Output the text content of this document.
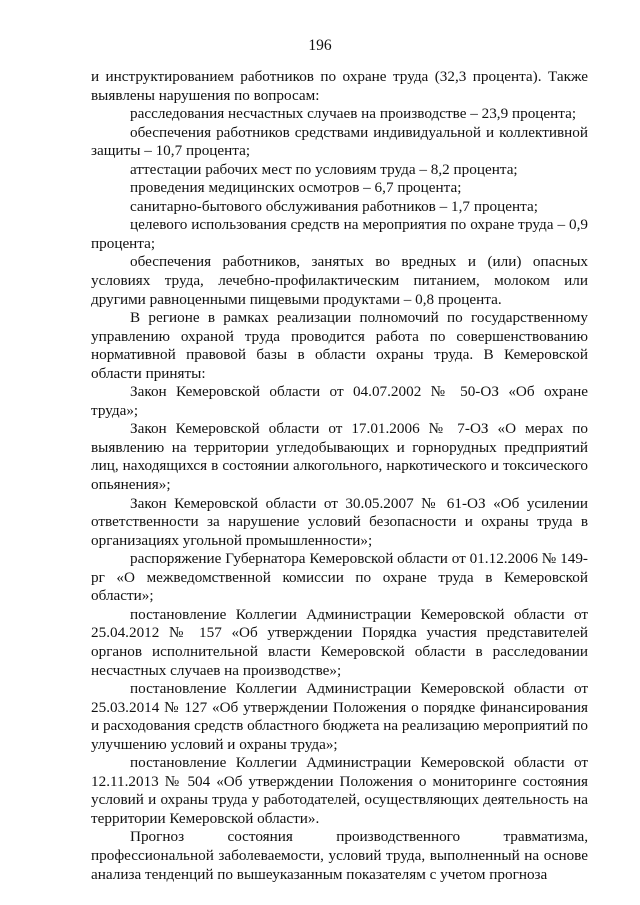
196

и инструктированием работников по охране труда (32,3 процента). Также выявлены нарушения по вопросам:

расследования несчастных случаев на производстве – 23,9 процента;

обеспечения работников средствами индивидуальной и коллективной защиты – 10,7 процента;

аттестации рабочих мест по условиям труда – 8,2 процента;

проведения медицинских осмотров – 6,7 процента;

санитарно-бытового обслуживания работников – 1,7 процента;

целевого использования средств на мероприятия по охране труда – 0,9 процента;

обеспечения работников, занятых во вредных и (или) опасных условиях труда, лечебно-профилактическим питанием, молоком или другими равноценными пищевыми продуктами – 0,8 процента.

В регионе в рамках реализации полномочий по государственному управлению охраной труда проводится работа по совершенствованию нормативной правовой базы в области охраны труда. В Кемеровской области приняты:

Закон Кемеровской области от 04.07.2002 № 50-ОЗ «Об охране труда»;

Закон Кемеровской области от 17.01.2006 № 7-ОЗ «О мерах по выявлению на территории угледобывающих и горнорудных предприятий лиц, находящихся в состоянии алкогольного, наркотического и токсического опьянения»;

Закон Кемеровской области от 30.05.2007 № 61-ОЗ «Об усилении ответственности за нарушение условий безопасности и охраны труда в организациях угольной промышленности»;

распоряжение Губернатора Кемеровской области от 01.12.2006 № 149-рг «О межведомственной комиссии по охране труда в Кемеровской области»;

постановление Коллегии Администрации Кемеровской области от 25.04.2012 № 157 «Об утверждении Порядка участия представителей органов исполнительной власти Кемеровской области в расследовании несчастных случаев на производстве»;

постановление Коллегии Администрации Кемеровской области от 25.03.2014 № 127 «Об утверждении Положения о порядке финансирования и расходования средств областного бюджета на реализацию мероприятий по улучшению условий и охраны труда»;

постановление Коллегии Администрации Кемеровской области от 12.11.2013 № 504 «Об утверждении Положения о мониторинге состояния условий и охраны труда у работодателей, осуществляющих деятельность на территории Кемеровской области».

Прогноз состояния производственного травматизма, профессиональной заболеваемости, условий труда, выполненный на основе анализа тенденций по вышеуказанным показателям с учетом прогноза
